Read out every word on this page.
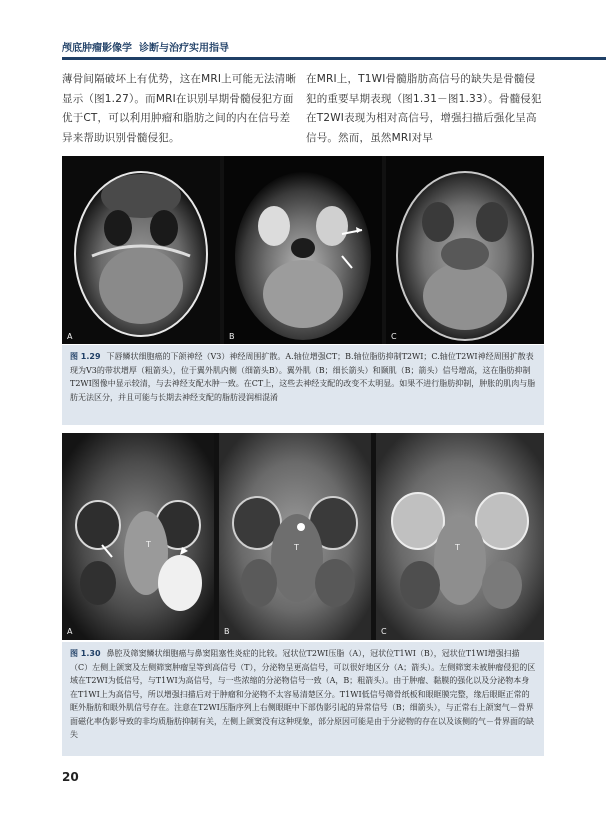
颅底肿瘤影像学 诊断与治疗实用指导
薄骨间隔破坏上有优势，这在MRI上可能无法清晰显示（图1.27）。而MRI在识别早期骨髓侵犯方面优于CT，可以利用肿瘤和脂肪之间的内在信号差异来帮助识别骨髓侵犯。
在MRI上，T1WI骨髓脂肪高信号的缺失是骨髓侵犯的重要早期表现（图1.31－图1.33）。骨髓侵犯在T2WI表现为相对高信号，增强扫描后强化呈高信号。然而，虽然MRI对早
A	B	C
图 1.29 下唇鳞状细胞癌的下颌神经（V3）神经周围扩散。A.轴位增强CT；B.轴位脂肪抑制T2WI；C.轴位T2WI神经周围扩散表现为V3的带状增厚（粗箭头），位于翼外肌内侧（细箭头B）。翼外肌（B；细长箭头）和颞肌（B；箭头）信号增高，这在脂肪抑制T2WI图像中显示较清，与去神经支配水肿一致。在CT上，这些去神经支配的改变不太明显。如果不进行脂肪抑制，肿胀的肌肉与脂肪无法区分，并且可能与长期去神经支配的脂肪浸润相混淆
T	T	T
A	B	C
图 1.30 鼻腔及筛窦鳞状细胞癌与鼻窦阻塞性炎症的比较。冠状位T2WI压脂（A），冠状位T1WI（B），冠状位T1WI增强扫描（C）左侧上颌窦及左侧筛窦肿瘤呈等到高信号（T），分泌物呈更高信号，可以很好地区分（A；箭头）。左侧筛窦未被肿瘤侵犯的区域在T2WI为低信号，与T1WI为高信号，与一些浓缩的分泌物信号一致（A，B；粗箭头）。由于肿瘤、黏膜的强化以及分泌物本身在T1WI上为高信号，所以增强扫描后对于肿瘤和分泌物不太容易清楚区分。T1WI低信号筛骨纸板和眼眶膜完整，缘后眼眶正常的眶外脂肪和眼外肌信号存在。注意在T2WI压脂序列上右侧眼眶中下部伪影引起的异常信号（B；细箭头），与正常右上颌窦气－骨界面磁化率伪影导致的非均质脂肪抑制有关，左侧上颌窦没有这种现象，部分原因可能是由于分泌物的存在以及该侧的气－骨界面的缺失
20
